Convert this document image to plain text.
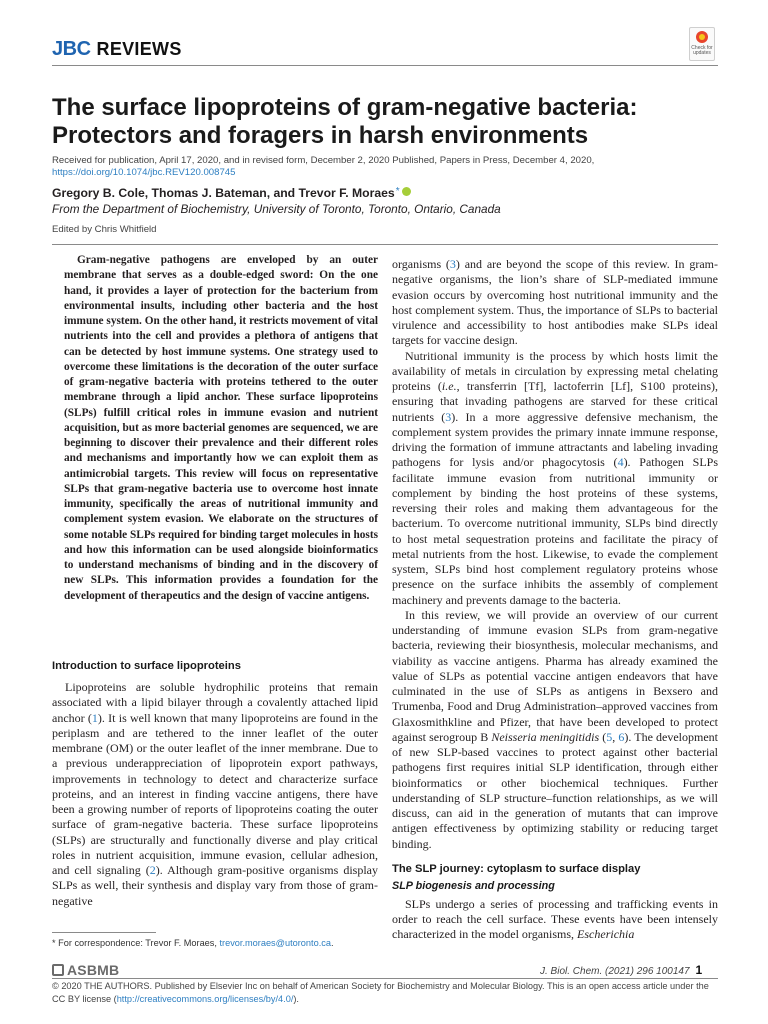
JBC REVIEWS	Check for updates
The surface lipoproteins of gram-negative bacteria: Protectors and foragers in harsh environments
Received for publication, April 17, 2020, and in revised form, December 2, 2020 Published, Papers in Press, December 4, 2020,
https://doi.org/10.1074/jbc.REV120.008745
Gregory B. Cole, Thomas J. Bateman, and Trevor F. Moraes*
From the Department of Biochemistry, University of Toronto, Toronto, Ontario, Canada
Edited by Chris Whitfield

Gram-negative pathogens are enveloped by an outer membrane that serves as a double-edged sword: On the one hand, it provides a layer of protection for the bacterium from environmental insults, including other bacteria and the host immune system. On the other hand, it restricts movement of vital nutrients into the cell and provides a plethora of antigens that can be detected by host immune systems. One strategy used to overcome these limitations is the decoration of the outer surface of gram-negative bacteria with proteins tethered to the outer membrane through a lipid anchor. These surface lipoproteins (SLPs) fulfill critical roles in immune evasion and nutrient acquisition, but as more bacterial genomes are sequenced, we are beginning to discover their prevalence and their different roles and mechanisms and importantly how we can exploit them as antimicrobial targets. This review will focus on representative SLPs that gram-negative bacteria use to overcome host innate immunity, specifically the areas of nutritional immunity and complement system evasion. We elaborate on the structures of some notable SLPs required for binding target molecules in hosts and how this information can be used alongside bioinformatics to understand mechanisms of binding and in the discovery of new SLPs. This information provides a foundation for the development of therapeutics and the design of vaccine antigens.

Introduction to surface lipoproteins

Lipoproteins are soluble hydrophilic proteins that remain associated with a lipid bilayer through a covalently attached lipid anchor (1). It is well known that many lipoproteins are found in the periplasm and are tethered to the inner leaflet of the outer membrane (OM) or the outer leaflet of the inner membrane. Due to a previous underappreciation of lipoprotein export pathways, improvements in technology to detect and characterize surface proteins, and an interest in finding vaccine antigens, there have been a growing number of reports of lipoproteins coating the outer surface of gram-negative bacteria. These surface lipoproteins (SLPs) are structurally and functionally diverse and play critical roles in nutrient acquisition, immune evasion, cellular adhesion, and cell signaling (2). Although gram-positive organisms display SLPs as well, their synthesis and display vary from those of gram-negative

organisms (3) and are beyond the scope of this review. In gram-negative organisms, the lion’s share of SLP-mediated immune evasion occurs by overcoming host nutritional immunity and the host complement system. Thus, the importance of SLPs to bacterial virulence and accessibility to host antibodies make SLPs ideal targets for vaccine design.

Nutritional immunity is the process by which hosts limit the availability of metals in circulation by expressing metal chelating proteins (i.e., transferrin [Tf], lactoferrin [Lf], S100 proteins), ensuring that invading pathogens are starved for these critical nutrients (3). In a more aggressive defensive mechanism, the complement system provides the primary innate immune response, driving the formation of immune attractants and labeling invading pathogens for lysis and/or phagocytosis (4). Pathogen SLPs facilitate immune evasion from nutritional immunity or complement by binding the host proteins of these systems, reversing their roles and making them advantageous for the bacterium. To overcome nutritional immunity, SLPs bind directly to host metal sequestration proteins and facilitate the piracy of metal nutrients from the host. Likewise, to evade the complement system, SLPs bind host complement regulatory proteins whose presence on the surface inhibits the assembly of complement machinery and prevents damage to the bacteria.

In this review, we will provide an overview of our current understanding of immune evasion SLPs from gram-negative bacteria, reviewing their biosynthesis, molecular mechanisms, and viability as vaccine antigens. Pharma has already examined the value of SLPs as potential vaccine antigen endeavors that have culminated in the use of SLPs as antigens in Bexsero and Trumenba, Food and Drug Administration–approved vaccines from Glaxosmithkline and Pfizer, that have been developed to protect against serogroup B Neisseria meningitidis (5, 6). The development of new SLP-based vaccines to protect against other bacterial pathogens first requires initial SLP identification, through either bioinformatics or other biochemical techniques. Further understanding of SLP structure–function relationships, as we will discuss, can aid in the generation of mutants that can improve antigen effectiveness by optimizing stability or reducing target binding.

The SLP journey: cytoplasm to surface display
SLP biogenesis and processing

SLPs undergo a series of processing and trafficking events in order to reach the cell surface. These events have been intensely characterized in the model organisms, Escherichia

* For correspondence: Trevor F. Moraes, trevor.moraes@utoronto.ca.
ASBMB	J. Biol. Chem. (2021) 296 100147 1
© 2020 THE AUTHORS. Published by Elsevier Inc on behalf of American Society for Biochemistry and Molecular Biology. This is an open access article under the CC BY license (http://creativecommons.org/licenses/by/4.0/).
